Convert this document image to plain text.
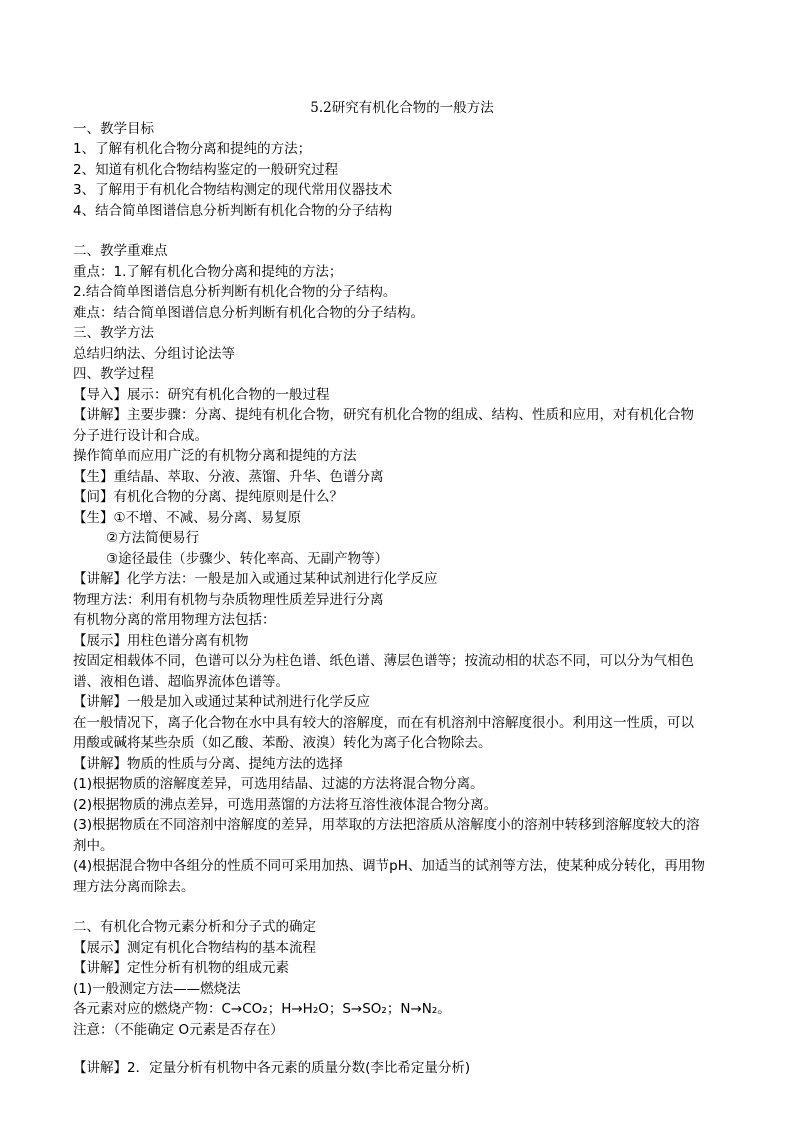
5.2研究有机化合物的一般方法
一、教学目标
1、了解有机化合物分离和提纯的方法；
2、知道有机化合物结构鉴定的一般研究过程
3、了解用于有机化合物结构测定的现代常用仪器技术
4、结合简单图谱信息分析判断有机化合物的分子结构
二、教学重难点
重点：1.了解有机化合物分离和提纯的方法；
2.结合简单图谱信息分析判断有机化合物的分子结构。
难点：结合简单图谱信息分析判断有机化合物的分子结构。
三、教学方法
总结归纳法、分组讨论法等
四、教学过程
【导入】展示：研究有机化合物的一般过程
【讲解】主要步骤：分离、提纯有机化合物，研究有机化合物的组成、结构、性质和应用，对有机化合物
分子进行设计和合成。
操作简单而应用广泛的有机物分离和提纯的方法
【生】重结晶、萃取、分液、蒸馏、升华、色谱分离
【问】有机化合物的分离、提纯原则是什么？
【生】①不增、不减、易分离、易复原
②方法简便易行
③途径最佳（步骤少、转化率高、无副产物等）
【讲解】化学方法：一般是加入或通过某种试剂进行化学反应
物理方法：利用有机物与杂质物理性质差异进行分离
有机物分离的常用物理方法包括：
【展示】用柱色谱分离有机物
按固定相载体不同，色谱可以分为柱色谱、纸色谱、薄层色谱等；按流动相的状态不同，可以分为气相色
谱、液相色谱、超临界流体色谱等。
【讲解】一般是加入或通过某种试剂进行化学反应
在一般情况下，离子化合物在水中具有较大的溶解度，而在有机溶剂中溶解度很小。利用这一性质，可以
用酸或碱将某些杂质（如乙酸、苯酚、液溴）转化为离子化合物除去。
【讲解】物质的性质与分离、提纯方法的选择
(1)根据物质的溶解度差异，可选用结晶、过滤的方法将混合物分离。
(2)根据物质的沸点差异，可选用蒸馏的方法将互溶性液体混合物分离。
(3)根据物质在不同溶剂中溶解度的差异，用萃取的方法把溶质从溶解度小的溶剂中转移到溶解度较大的溶
剂中。
(4)根据混合物中各组分的性质不同可采用加热、调节pH、加适当的试剂等方法，使某种成分转化，再用物
理方法分离而除去。
二、有机化合物元素分析和分子式的确定
【展示】测定有机化合物结构的基本流程
【讲解】定性分析有机物的组成元素
(1)一般测定方法——燃烧法
各元素对应的燃烧产物：C→CO₂；H→H₂O；S→SO₂；N→N₂。
注意：（不能确定 O元素是否存在）
【讲解】2．定量分析有机物中各元素的质量分数(李比希定量分析)
